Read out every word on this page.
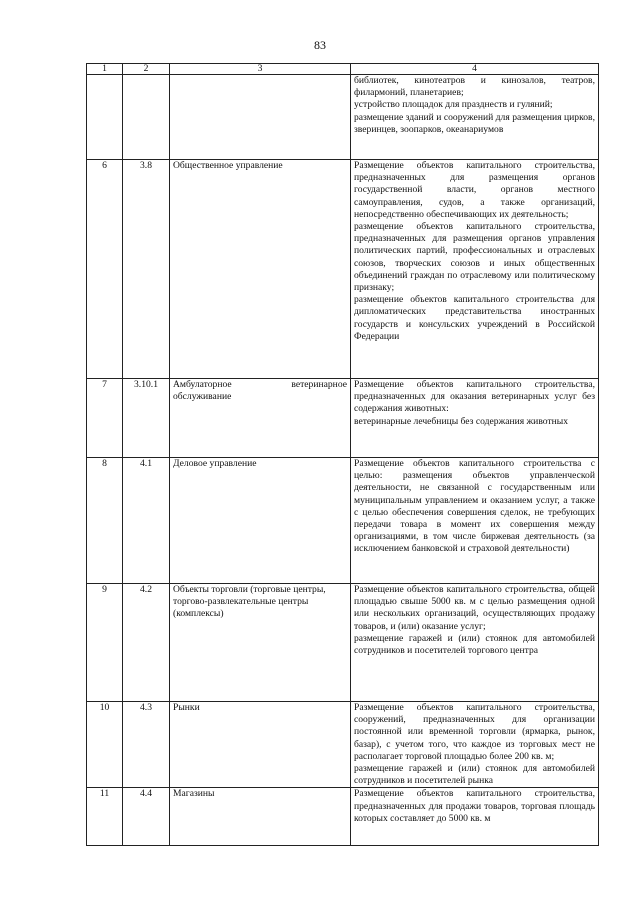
83
1	2	3	4

			библиотек, кинотеатров и кинозалов, театров, филармоний, планетариев;

устройство площадок для празднеств и гуляний;

размещение зданий и сооружений для размещения цирков, зверинцев, зоопарков, океанариумов

6	3.8	Общественное управление	Размещение объектов капитального строительства, предназначенных для размещения органов государственной власти, органов местного самоуправления, судов, а также организаций, непосредственно обеспечивающих их деятельность;

размещение объектов капитального строительства, предназначенных для размещения органов управления политических партий, профессиональных и отраслевых союзов, творческих союзов и иных общественных объединений граждан по отраслевому или политическому признаку;

размещение объектов капитального строительства для дипломатических представительства иностранных государств и консульских учреждений в Российской Федерации

7	3.10.1	Амбулаторное ветеринарное обслуживание	Размещение объектов капитального строительства, предназначенных для оказания ветеринарных услуг без содержания животных:

ветеринарные лечебницы без содержания животных

8	4.1	Деловое управление	Размещение объектов капитального строительства с целью: размещения объектов управленческой деятельности, не связанной с государственным или муниципальным управлением и оказанием услуг, а также с целью обеспечения совершения сделок, не требующих передачи товара в момент их совершения между организациями, в том числе биржевая деятельность (за исключением банковской и страховой деятельности)

9	4.2	Объекты торговли (торговые центры, торгово-развлекательные центры (комплексы)	Размещение объектов капитального строительства, общей площадью свыше 5000 кв. м с целью размещения одной или нескольких организаций, осуществляющих продажу товаров, и (или) оказание услуг;

размещение гаражей и (или) стоянок для автомобилей сотрудников и посетителей торгового центра

10	4.3	Рынки	Размещение объектов капитального строительства, сооружений, предназначенных для организации постоянной или временной торговли (ярмарка, рынок, базар), с учетом того, что каждое из торговых мест не располагает торговой площадью более 200 кв. м;

размещение гаражей и (или) стоянок для автомобилей сотрудников и посетителей рынка

11	4.4	Магазины	Размещение объектов капитального строительства, предназначенных для продажи товаров, торговая площадь которых составляет до 5000 кв. м
